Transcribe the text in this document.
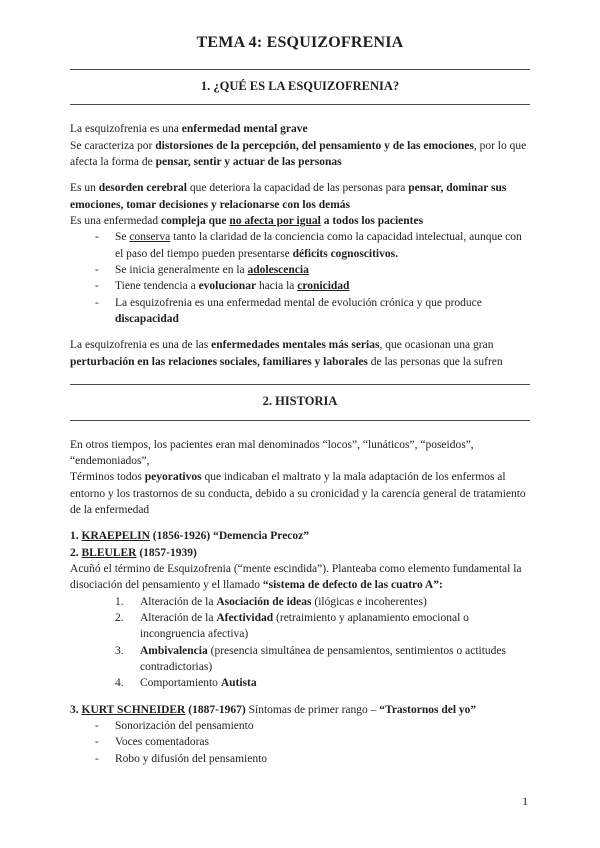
TEMA 4: ESQUIZOFRENIA
1. ¿QUÉ ES LA ESQUIZOFRENIA?

La esquizofrenia es una enfermedad mental grave

Se caracteriza por distorsiones de la percepción, del pensamiento y de las emociones, por lo que afecta la forma de pensar, sentir y actuar de las personas

Es un desorden cerebral que deteriora la capacidad de las personas para pensar, dominar sus emociones, tomar decisiones y relacionarse con los demás

Es una enfermedad compleja que no afecta por igual a todos los pacientes

-	Se conserva tanto la claridad de la conciencia como la capacidad intelectual, aunque con el paso del tiempo pueden presentarse déficits cognoscitivos.
-	Se inicia generalmente en la adolescencia
-	Tiene tendencia a evolucionar hacia la cronicidad
-	La esquizofrenia es una enfermedad mental de evolución crónica y que produce discapacidad

La esquizofrenia es una de las enfermedades mentales más serias, que ocasionan una gran perturbación en las relaciones sociales, familiares y laborales de las personas que la sufren

2. HISTORIA

En otros tiempos, los pacientes eran mal denominados “locos”, “lunáticos”, “poseidos”, “endemoniados”,

Términos todos peyorativos que indicaban el maltrato y la mala adaptación de los enfermos al entorno y los trastornos de su conducta, debido a su cronicidad y la carencia general de tratamiento de la enfermedad

1. KRAEPELIN (1856-1926) “Demencia Precoz”

2. BLEULER (1857-1939)

Acuñó el término de Esquizofrenia (“mente escindida”). Planteaba como elemento fundamental la disociación del pensamiento y el llamado “sistema de defecto de las cuatro A”:

1.	Alteración de la Asociación de ideas (ilógicas e incoherentes)
2.	Alteración de la Afectividad (retraimiento y aplanamiento emocional o incongruencia afectiva)
3.	Ambivalencia (presencia simultánea de pensamientos, sentimientos o actitudes contradictorias)
4.	Comportamiento Autista

3. KURT SCHNEIDER (1887-1967) Síntomas de primer rango – “Trastornos del yo”

-	Sonorización del pensamiento
-	Voces comentadoras
-	Robo y difusión del pensamiento
1
